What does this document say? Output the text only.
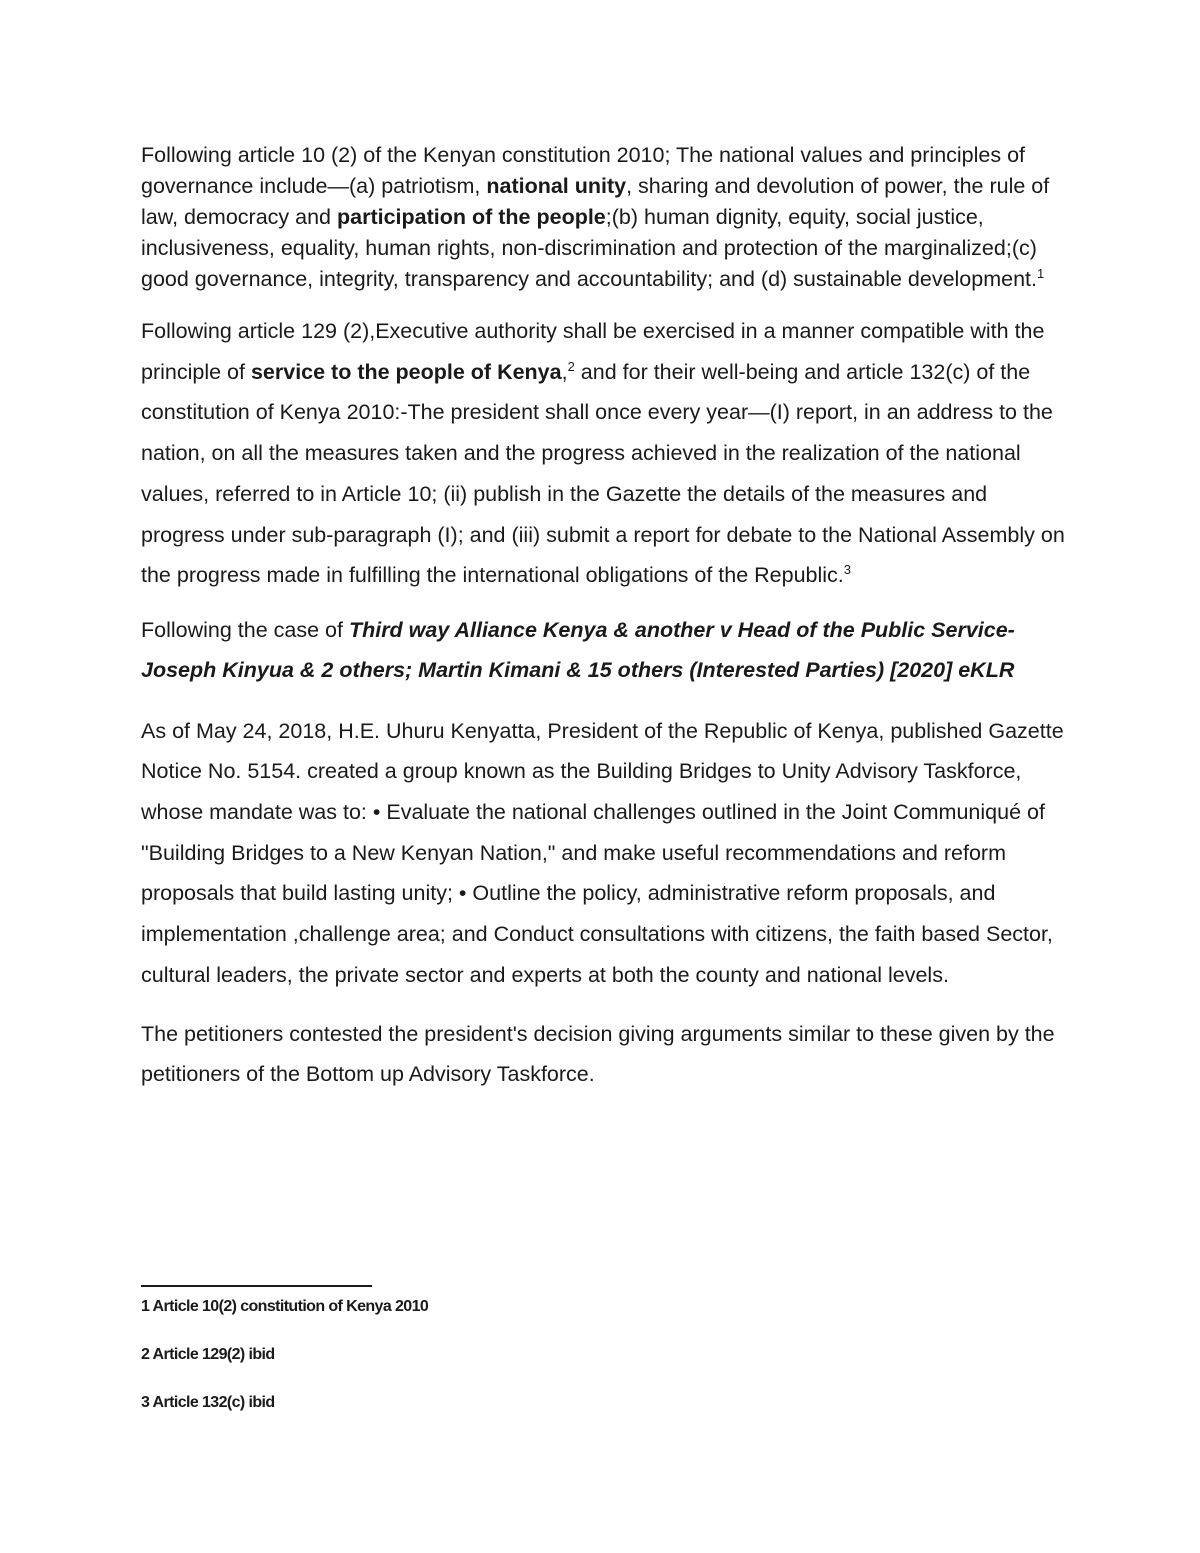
Following article 10 (2) of the Kenyan constitution 2010; The national values and principles of governance include—(a) patriotism, national unity, sharing and devolution of power, the rule of law, democracy and participation of the people;(b) human dignity, equity, social justice, inclusiveness, equality, human rights, non-discrimination and protection of the marginalized;(c) good governance, integrity, transparency and accountability; and (d) sustainable development.$^1$

Following article 129 (2),Executive authority shall be exercised in a manner compatible with the principle of service to the people of Kenya,$^2$ and for their well-being and article 132(c) of the constitution of Kenya 2010:-The president shall once every year—(I) report, in an address to the nation, on all the measures taken and the progress achieved in the realization of the national values, referred to in Article 10; (ii) publish in the Gazette the details of the measures and progress under sub-paragraph (I); and (iii) submit a report for debate to the National Assembly on the progress made in fulfilling the international obligations of the Republic.$^3$

Following the case of Third way Alliance Kenya & another v Head of the Public Service-Joseph Kinyua & 2 others; Martin Kimani & 15 others (Interested Parties) [2020] eKLR

As of May 24, 2018, H.E. Uhuru Kenyatta, President of the Republic of Kenya, published Gazette Notice No. 5154. created a group known as the Building Bridges to Unity Advisory Taskforce, whose mandate was to: • Evaluate the national challenges outlined in the Joint Communiqué of "Building Bridges to a New Kenyan Nation," and make useful recommendations and reform proposals that build lasting unity; • Outline the policy, administrative reform proposals, and implementation ,challenge area; and Conduct consultations with citizens, the faith based Sector, cultural leaders, the private sector and experts at both the county and national levels.

The petitioners contested the president's decision giving arguments similar to these given by the petitioners of the Bottom up Advisory Taskforce.

1 Article 10(2) constitution of Kenya 2010
2 Article 129(2) ibid
3 Article 132(c) ibid
